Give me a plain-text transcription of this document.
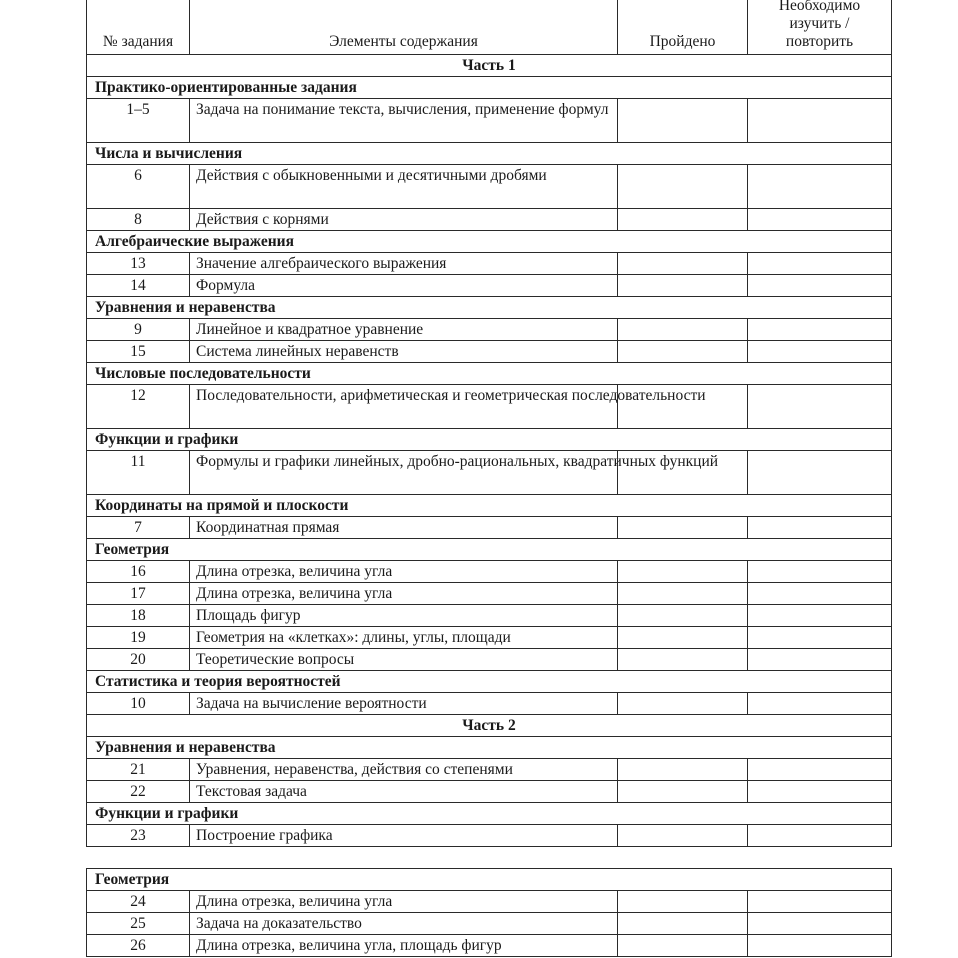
№ задания	Элементы содержания	Пройдено	Необходимо изучить / повторить
Часть 1			
Практико-ориентированные задания			
1–5	Задача на понимание текста, вычисления, применение формул		
Числа и вычисления			
6	Действия с обыкновенными и десятичными дробями		
8	Действия с корнями		
Алгебраические выражения			
13	Значение алгебраического выражения		
14	Формула		
Уравнения и неравенства			
9	Линейное и квадратное уравнение		
15	Система линейных неравенств		
Числовые последовательности			
12	Последовательности, арифметическая и геометрическая последовательности		
Функции и графики			
11	Формулы и графики линейных, дробно-рациональных, квадратичных функций		
Координаты на прямой и плоскости			
7	Координатная прямая		
Геометрия			
16	Длина отрезка, величина угла		
17	Длина отрезка, величина угла		
18	Площадь фигур		
19	Геометрия на «клетках»: длины, углы, площади		
20	Теоретические вопросы		
Статистика и теория вероятностей			
10	Задача на вычисление вероятности		
Часть 2			
Уравнения и неравенства			
21	Уравнения, неравенства, действия со степенями		
22	Текстовая задача		
Функции и графики			
23	Построение графика		
Геометрия			
24	Длина отрезка, величина угла		
25	Задача на доказательство		
26	Длина отрезка, величина угла, площадь фигур		
